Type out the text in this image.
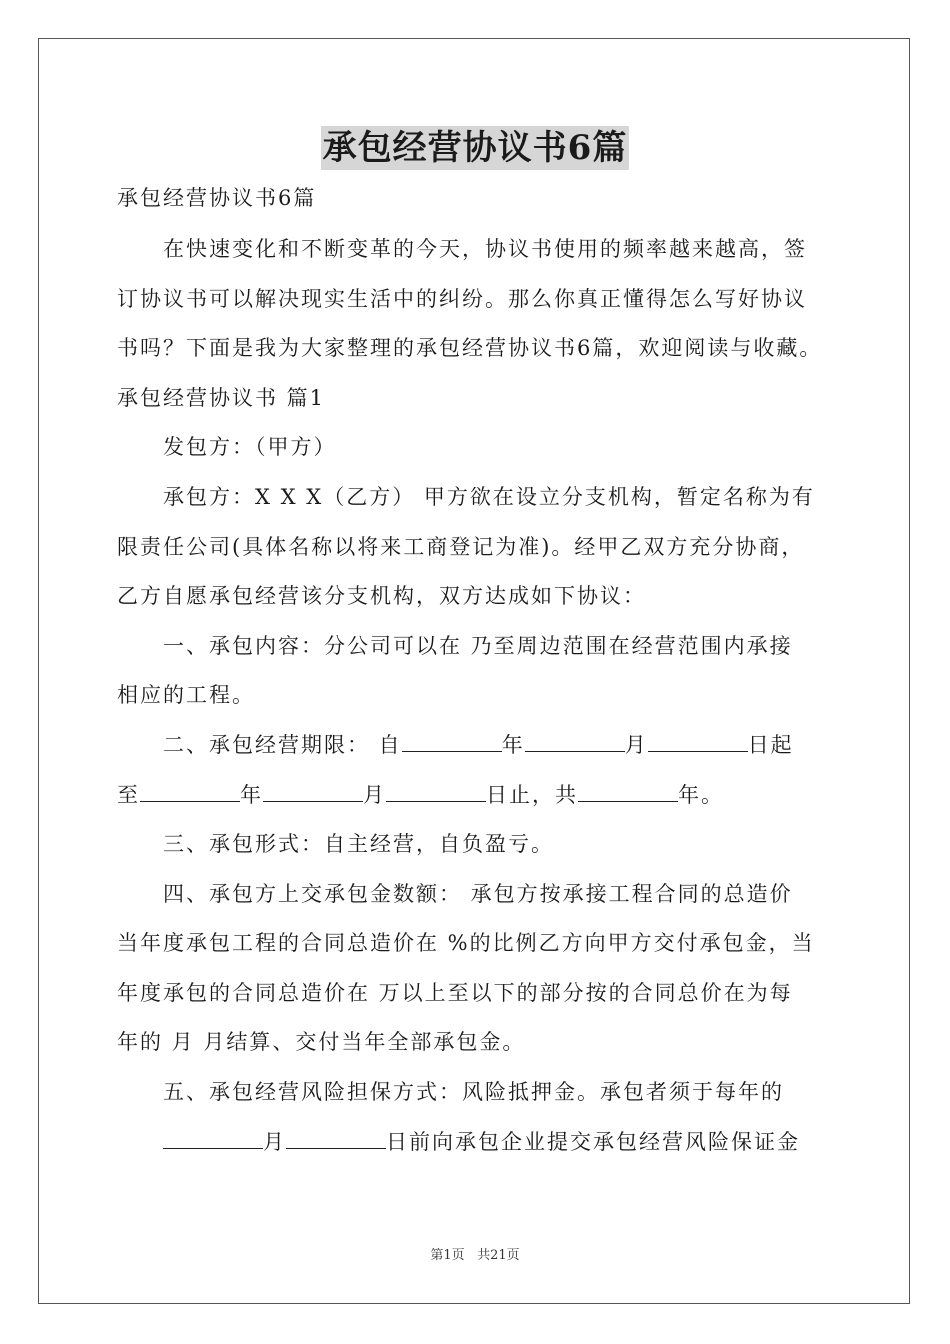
承包经营协议书6篇
承包经营协议书6篇
在快速变化和不断变革的今天，协议书使用的频率越来越高，签
订协议书可以解决现实生活中的纠纷。那么你真正懂得怎么写好协议
书吗？下面是我为大家整理的承包经营协议书6篇，欢迎阅读与收藏。
承包经营协议书 篇1
发包方：（甲方）
承包方：X X X（乙方） 甲方欲在设立分支机构，暂定名称为有
限责任公司(具体名称以将来工商登记为准)。经甲乙双方充分协商，
乙方自愿承包经营该分支机构，双方达成如下协议：
一、承包内容：分公司可以在 乃至周边范围在经营范围内承接
相应的工程。
二、承包经营期限： 自	年	月	日起
至	年	月	日止，共	年。
三、承包形式：自主经营，自负盈亏。
四、承包方上交承包金数额： 承包方按承接工程合同的总造价
当年度承包工程的合同总造价在 %的比例乙方向甲方交付承包金，当
年度承包的合同总造价在 万以上至以下的部分按的合同总价在为每
年的 月 月结算、交付当年全部承包金。
五、承包经营风险担保方式：风险抵押金。承包者须于每年的
月	日前向承包企业提交承包经营风险保证金
第1页 共21页
